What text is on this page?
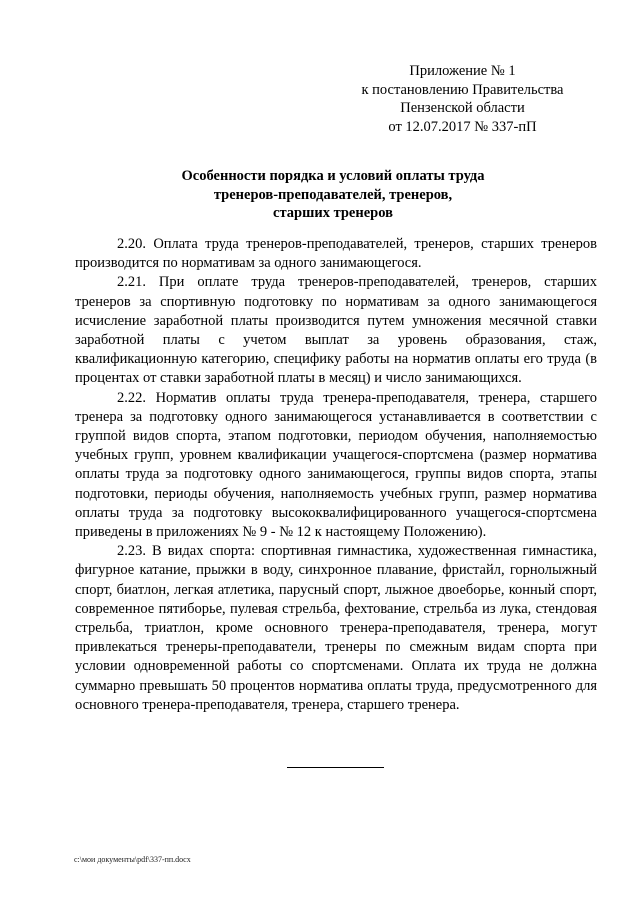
Приложение № 1
к постановлению Правительства
Пензенской области
от 12.07.2017 № 337-пП
Особенности порядка и условий оплаты труда
тренеров-преподавателей, тренеров,
старших тренеров

2.20. Оплата труда тренеров-преподавателей, тренеров, старших тренеров производится по нормативам за одного занимающегося.

2.21. При оплате труда тренеров-преподавателей, тренеров, старших тренеров за спортивную подготовку по нормативам за одного занимающегося исчисление заработной платы производится путем умножения месячной ставки заработной платы с учетом выплат за уровень образования, стаж, квалификационную категорию, специфику работы на норматив оплаты его труда (в процентах от ставки заработной платы в месяц) и число занимающихся.

2.22. Норматив оплаты труда тренера-преподавателя, тренера, старшего тренера за подготовку одного занимающегося устанавливается в соответствии с группой видов спорта, этапом подготовки, периодом обучения, наполняемостью учебных групп, уровнем квалификации учащегося-спортсмена (размер норматива оплаты труда за подготовку одного занимающегося, группы видов спорта, этапы подготовки, периоды обучения, наполняемость учебных групп, размер норматива оплаты труда за подготовку высококвалифицированного учащегося-спортсмена приведены в приложениях № 9 - № 12 к настоящему Положению).

2.23. В видах спорта: спортивная гимнастика, художественная гимнастика, фигурное катание, прыжки в воду, синхронное плавание, фристайл, горнолыжный спорт, биатлон, легкая атлетика, парусный спорт, лыжное двоеборье, конный спорт, современное пятиборье, пулевая стрельба, фехтование, стрельба из лука, стендовая стрельба, триатлон, кроме основного тренера-преподавателя, тренера, могут привлекаться тренеры-преподаватели, тренеры по смежным видам спорта при условии одновременной работы со спортсменами. Оплата их труда не должна суммарно превышать 50 процентов норматива оплаты труда, предусмотренного для основного тренера-преподавателя, тренера, старшего тренера.

c:\мои документы\pdf\337-пп.docx
